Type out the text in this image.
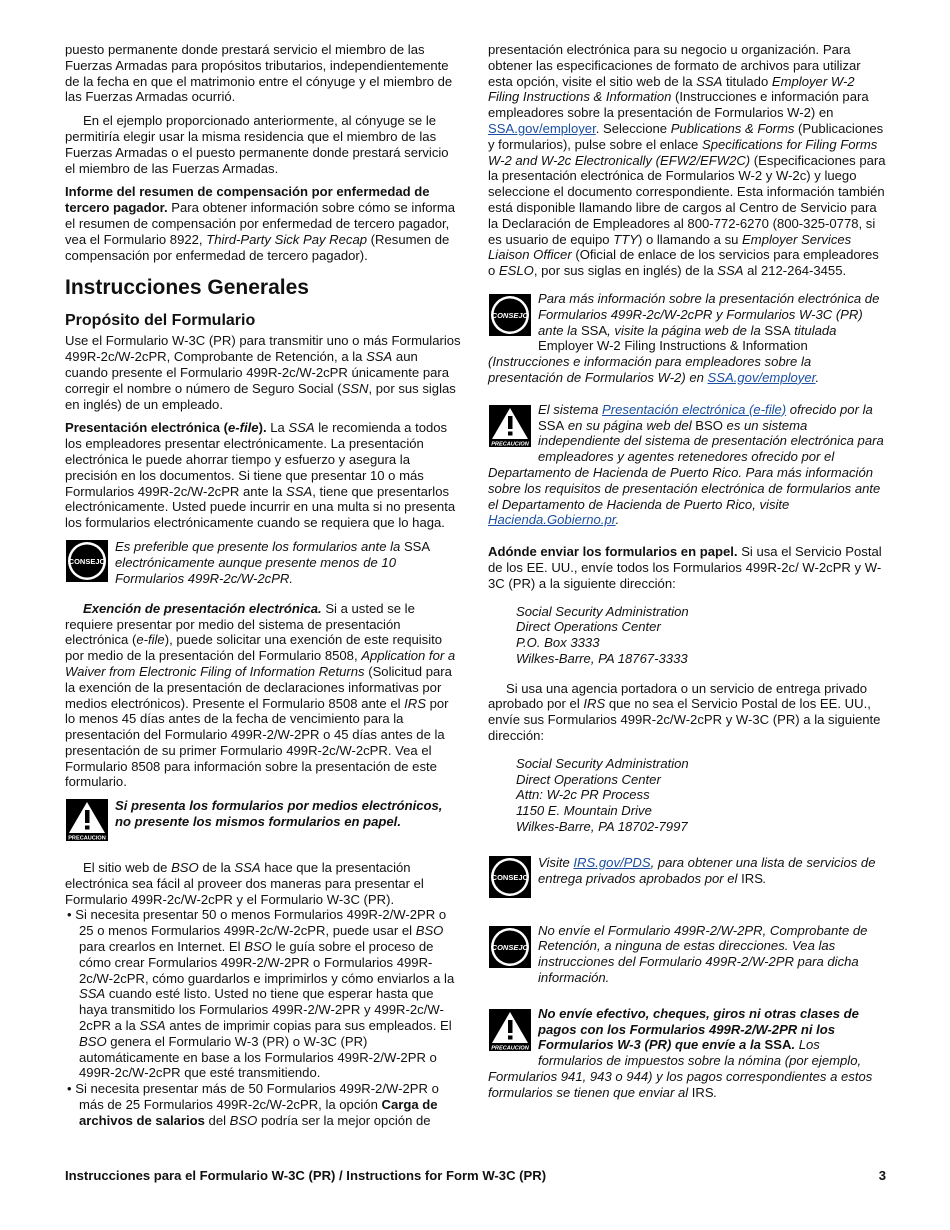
puesto permanente donde prestará servicio el miembro de las Fuerzas Armadas para propósitos tributarios, independientemente de la fecha en que el matrimonio entre el cónyuge y el miembro de las Fuerzas Armadas ocurrió.

En el ejemplo proporcionado anteriormente, al cónyuge se le permitiría elegir usar la misma residencia que el miembro de las Fuerzas Armadas o el puesto permanente donde prestará servicio el miembro de las Fuerzas Armadas.

Informe del resumen de compensación por enfermedad de tercero pagador. Para obtener información sobre cómo se informa el resumen de compensación por enfermedad de tercero pagador, vea el Formulario 8922, Third-Party Sick Pay Recap (Resumen de compensación por enfermedad de tercero pagador).

Instrucciones Generales
Propósito del Formulario

Use el Formulario W-3C (PR) para transmitir uno o más Formularios 499R-2c/W-2cPR, Comprobante de Retención, a la SSA aun cuando presente el Formulario 499R-2c/W-2cPR únicamente para corregir el nombre o número de Seguro Social (SSN, por sus siglas en inglés) de un empleado.

Presentación electrónica (e-file). La SSA le recomienda a todos los empleadores presentar electrónicamente. La presentación electrónica le puede ahorrar tiempo y esfuerzo y asegura la precisión en los documentos. Si tiene que presentar 10 o más Formularios 499R-2c/W-2cPR ante la SSA, tiene que presentarlos electrónicamente. Usted puede incurrir en una multa si no presenta los formularios electrónicamente cuando se requiera que lo haga.

CONSEJO
Es preferible que presente los formularios ante la SSA electrónicamente aunque presente menos de 10 Formularios 499R-2c/W-2cPR.

Exención de presentación electrónica. Si a usted se le requiere presentar por medio del sistema de presentación electrónica (e-file), puede solicitar una exención de este requisito por medio de la presentación del Formulario 8508, Application for a Waiver from Electronic Filing of Information Returns (Solicitud para la exención de la presentación de declaraciones informativas por medios electrónicos). Presente el Formulario 8508 ante el IRS por lo menos 45 días antes de la fecha de vencimiento para la presentación del Formulario 499R-2/W-2PR o 45 días antes de la presentación de su primer Formulario 499R-2c/W-2cPR. Vea el Formulario 8508 para información sobre la presentación de este formulario.

PRECAUCION
Si presenta los formularios por medios electrónicos, no presente los mismos formularios en papel.

El sitio web de BSO de la SSA hace que la presentación electrónica sea fácil al proveer dos maneras para presentar el Formulario 499R-2c/W-2cPR y el Formulario W-3C (PR).

• Si necesita presentar 50 o menos Formularios 499R-2/W-2PR o 25 o menos Formularios 499R-2c/W-2cPR, puede usar el BSO para crearlos en Internet. El BSO le guía sobre el proceso de cómo crear Formularios 499R-2/W-2PR o Formularios 499R-2c/W-2cPR, cómo guardarlos e imprimirlos y cómo enviarlos a la SSA cuando esté listo. Usted no tiene que esperar hasta que haya transmitido los Formularios 499R-2/W-2PR y 499R-2c/W-2cPR a la SSA antes de imprimir copias para sus empleados. El BSO genera el Formulario W-3 (PR) o W-3C (PR) automáticamente en base a los Formularios 499R-2/W-2PR o 499R-2c/W-2cPR que esté transmitiendo.

• Si necesita presentar más de 50 Formularios 499R-2/W-2PR o más de 25 Formularios 499R-2c/W-2cPR, la opción Carga de archivos de salarios del BSO podría ser la mejor opción de

presentación electrónica para su negocio u organización. Para obtener las especificaciones de formato de archivos para utilizar esta opción, visite el sitio web de la SSA titulado Employer W-2 Filing Instructions & Information (Instrucciones e información para empleadores sobre la presentación de Formularios W-2) en SSA.gov/employer. Seleccione Publications & Forms (Publicaciones y formularios), pulse sobre el enlace Specifications for Filing Forms W-2 and W-2c Electronically (EFW2/EFW2C) (Especificaciones para la presentación electrónica de Formularios W-2 y W-2c) y luego seleccione el documento correspondiente. Esta información también está disponible llamando libre de cargos al Centro de Servicio para la Declaración de Empleadores al 800-772-6270 (800-325-0778, si es usuario de equipo TTY) o llamando a su Employer Services Liaison Officer (Oficial de enlace de los servicios para empleadores o ESLO, por sus siglas en inglés) de la SSA al 212-264-3455.

CONSEJO
Para más información sobre la presentación electrónica de Formularios 499R-2c/W-2cPR y Formularios W-3C (PR) ante la SSA, visite la página web de la SSA titulada Employer W-2 Filing Instructions & Information (Instrucciones e información para empleadores sobre la presentación de Formularios W-2) en SSA.gov/employer.
PRECAUCION
El sistema Presentación electrónica (e-file) ofrecido por la SSA en su página web del BSO es un sistema independiente del sistema de presentación electrónica para empleadores y agentes retenedores ofrecido por el Departamento de Hacienda de Puerto Rico. Para más información sobre los requisitos de presentación electrónica de formularios ante el Departamento de Hacienda de Puerto Rico, visite Hacienda.Gobierno.pr.

Adónde enviar los formularios en papel. Si usa el Servicio Postal de los EE. UU., envíe todos los Formularios 499R-2c/ W-2cPR y W-3C (PR) a la siguiente dirección:

Social Security Administration
Direct Operations Center
P.O. Box 3333
Wilkes-Barre, PA 18767-3333

Si usa una agencia portadora o un servicio de entrega privado aprobado por el IRS que no sea el Servicio Postal de los EE. UU., envíe sus Formularios 499R-2c/W-2cPR y W-3C (PR) a la siguiente dirección:

Social Security Administration
Direct Operations Center
Attn: W-2c PR Process
1150 E. Mountain Drive
Wilkes-Barre, PA 18702-7997
CONSEJO
Visite IRS.gov/PDS, para obtener una lista de servicios de entrega privados aprobados por el IRS.
CONSEJO
No envíe el Formulario 499R-2/W-2PR, Comprobante de Retención, a ninguna de estas direcciones. Vea las instrucciones del Formulario 499R-2/W-2PR para dicha información.
PRECAUCION
No envíe efectivo, cheques, giros ni otras clases de pagos con los Formularios 499R-2/W-2PR ni los Formularios W-3 (PR) que envíe a la SSA. Los formularios de impuestos sobre la nómina (por ejemplo, Formularios 941, 943 o 944) y los pagos correspondientes a estos formularios se tienen que enviar al IRS.
Instrucciones para el Formulario W-3C (PR) / Instructions for Form W-3C (PR)	3
